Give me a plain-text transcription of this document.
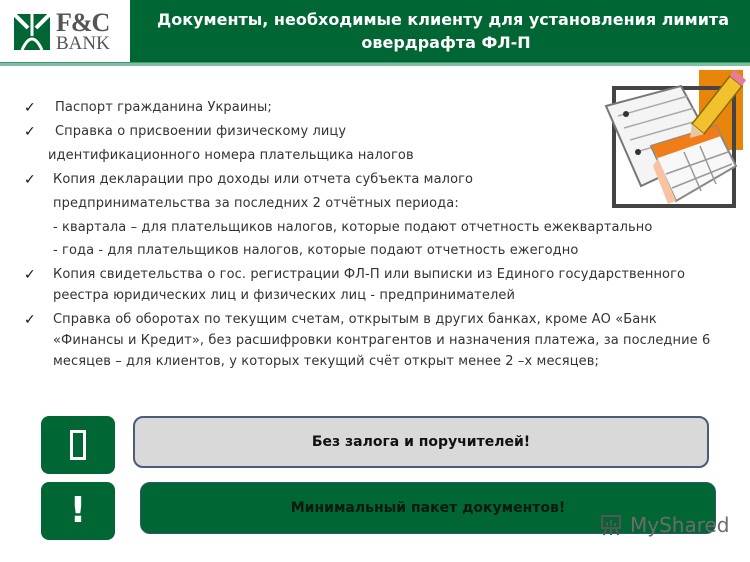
F&C
BANK
Документы, необходимые клиенту для установления лимита
овердрафта ФЛ-П
✓ Паспорт гражданина Украины;
✓ Справка о присвоении физическому лицу
идентификационного номера плательщика налогов
✓ Копия декларации про доходы или отчета субъекта малого
предпринимательства за последних 2 отчётных периода:
- квартала – для плательщиков налогов, которые подают отчетность ежеквартально
- года - для плательщиков налогов, которые подают отчетность ежегодно
✓ Копия свидетельства о гос. регистрации ФЛ-П или выписки из Единого государственного
реестра юридических лиц и физических лиц - предпринимателей
✓ Справка об оборотах по текущим счетам, открытым в других банках, кроме АО «Банк
«Финансы и Кредит», без расшифровки контрагентов и назначения платежа, за последние 6
месяцев – для клиентов, у которых текущий счёт открыт менее 2 –х месяцев;
Без залога и поручителей!
!	Минимальный пакет документов!
MyShared
